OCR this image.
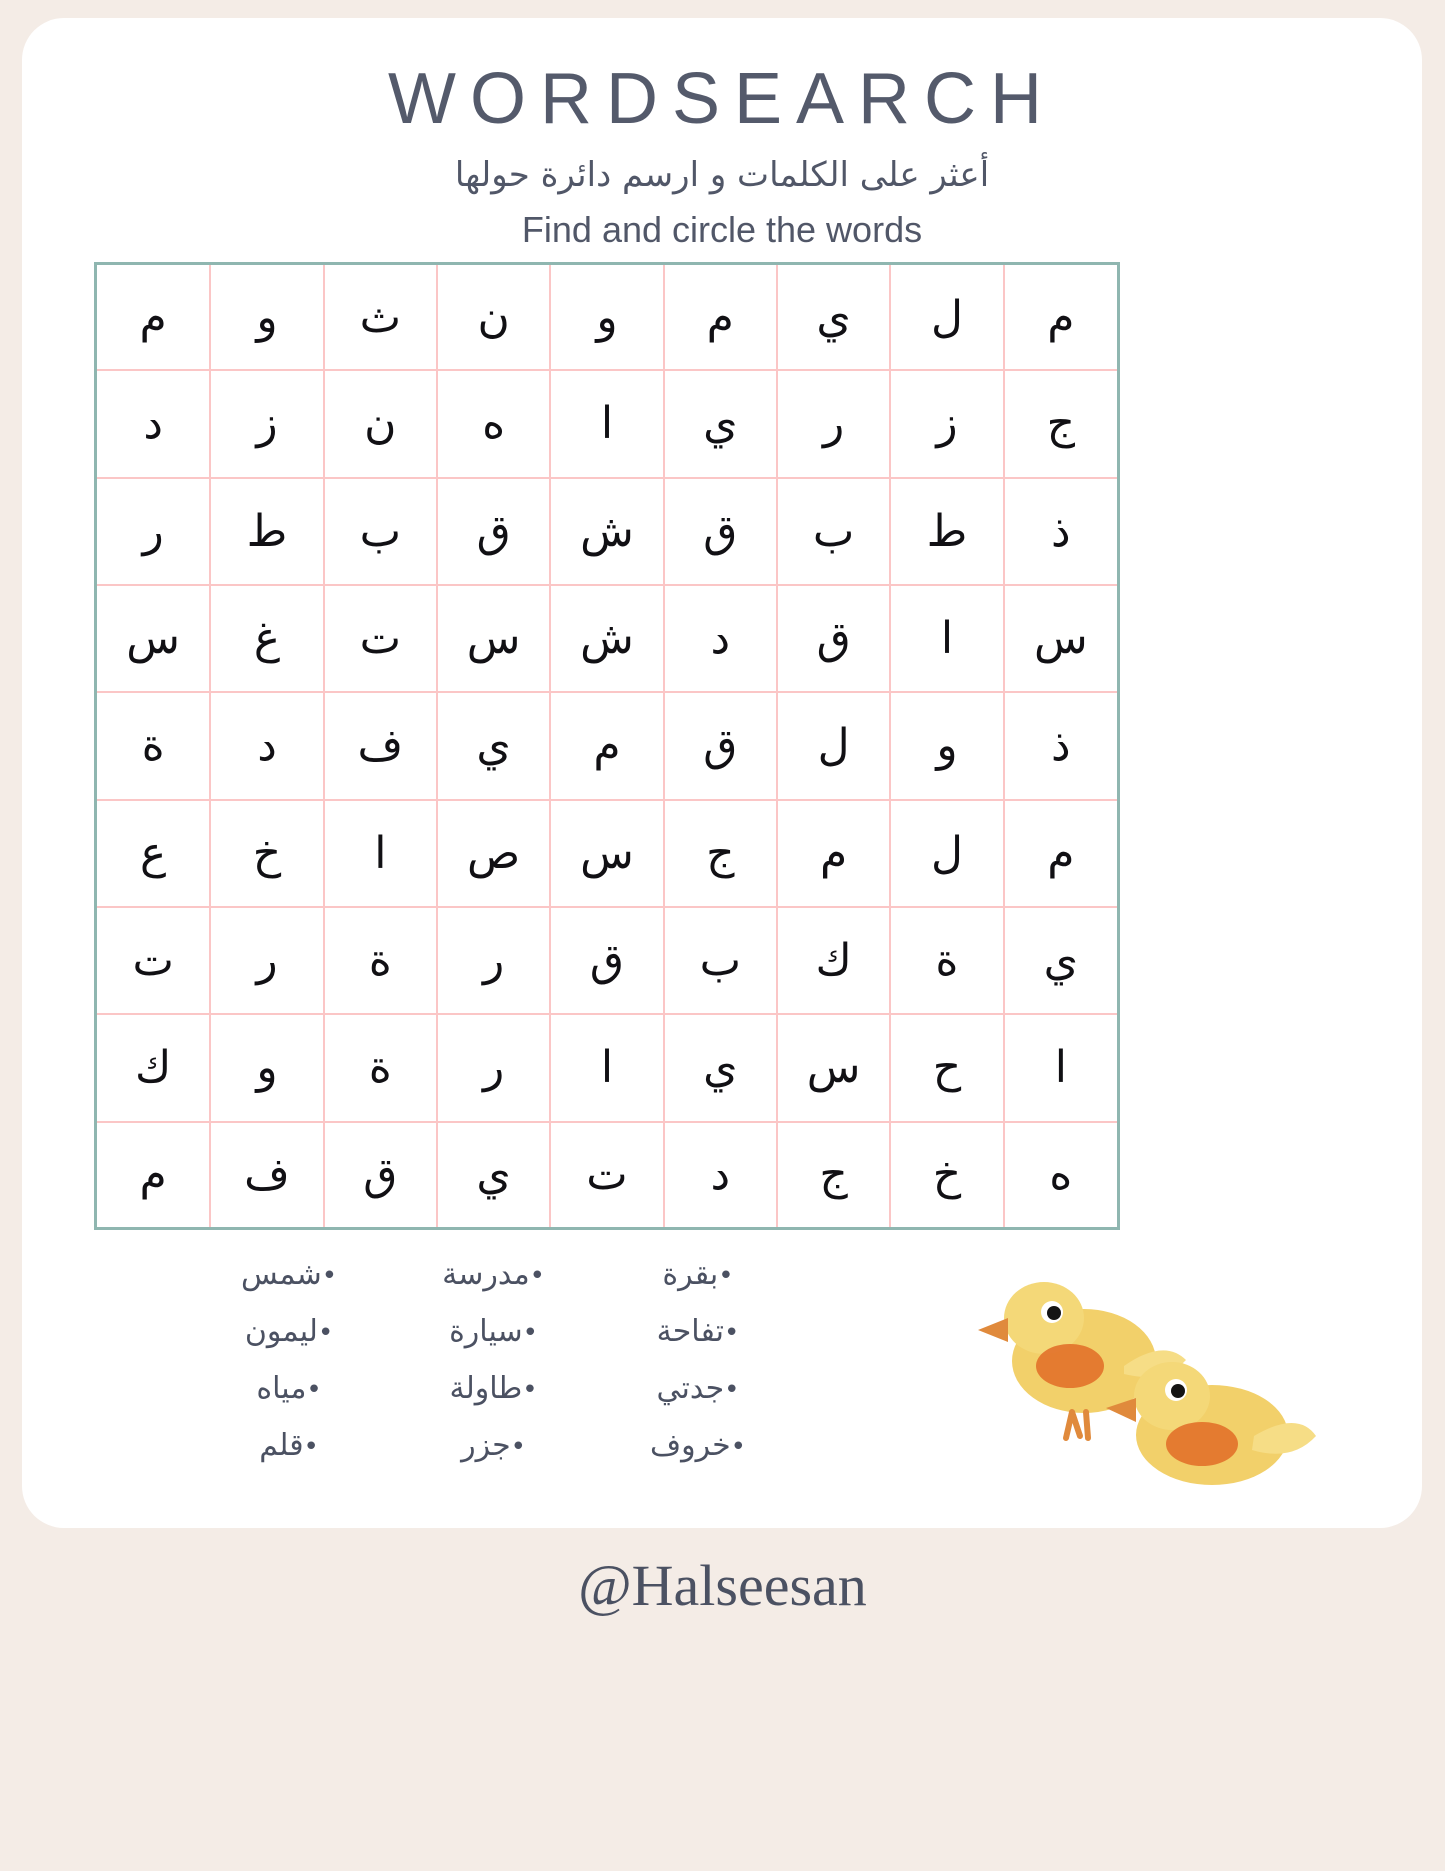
WORDSEARCH
أعثر على الكلمات و ارسم دائرة حولها
Find and circle the words
م	و	ث	ن	و	م	ي	ل	م
د	ز	ن	ه	ا	ي	ر	ز	ج
ر	ط	ب	ق	ش	ق	ب	ط	ذ
س	غ	ت	س	ش	د	ق	ا	س
ة	د	ف	ي	م	ق	ل	و	ذ
ع	خ	ا	ص	س	ج	م	ل	م
ت	ر	ة	ر	ق	ب	ك	ة	ي
ك	و	ة	ر	ا	ي	س	ح	ا
م	ف	ق	ي	ت	د	ج	خ	ه
•بقرة
•تفاحة
•جدتي
•خروف

•مدرسة
•سيارة
•طاولة
•جزر

•شمس
•ليمون
•مياه
•قلم
@Halseesan
